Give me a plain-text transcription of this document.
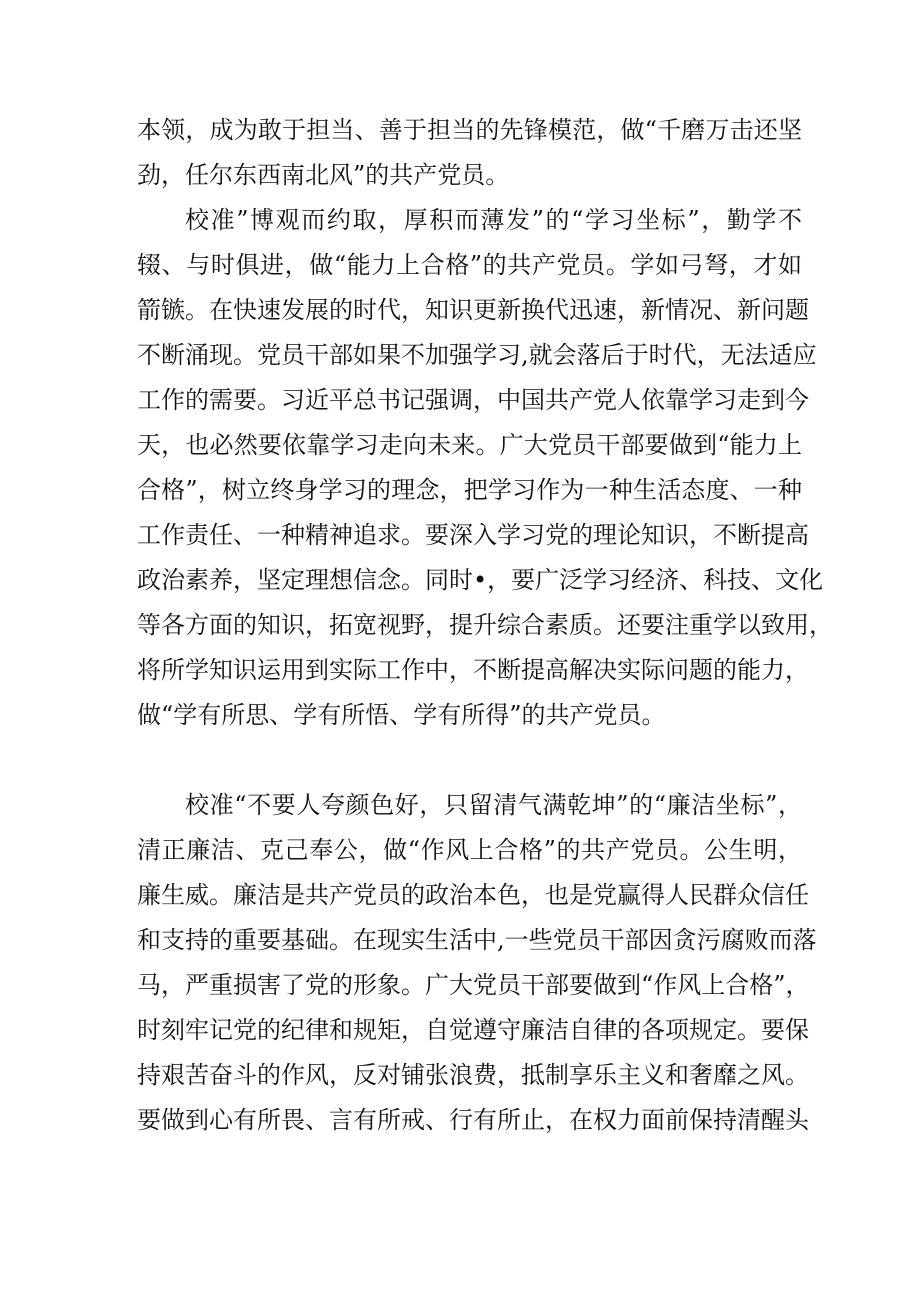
本领，成为敢于担当、善于担当的先锋模范，做“千磨万击还坚
劲，任尔东西南北风”的共产党员。
校准”博观而约取，厚积而薄发”的“学习坐标”，勤学不
辍、与时俱进，做“能力上合格”的共产党员。学如弓弩，才如
箭镞。在快速发展的时代，知识更新换代迅速，新情况、新问题
不断涌现。党员干部如果不加强学习,就会落后于时代，无法适应
工作的需要。习近平总书记强调，中国共产党人依靠学习走到今
天，也必然要依靠学习走向未来。广大党员干部要做到“能力上
合格”，树立终身学习的理念，把学习作为一种生活态度、一种
工作责任、一种精神追求。要深入学习党的理论知识，不断提高
政治素养，坚定理想信念。同时•，要广泛学习经济、科技、文化
等各方面的知识，拓宽视野，提升综合素质。还要注重学以致用，
将所学知识运用到实际工作中，不断提高解决实际问题的能力，
做“学有所思、学有所悟、学有所得”的共产党员。
校准“不要人夸颜色好，只留清气满乾坤”的“廉洁坐标”，
清正廉洁、克己奉公，做“作风上合格”的共产党员。公生明，
廉生威。廉洁是共产党员的政治本色，也是党赢得人民群众信任
和支持的重要基础。在现实生活中,一些党员干部因贪污腐败而落
马，严重损害了党的形象。广大党员干部要做到“作风上合格”，
时刻牢记党的纪律和规矩，自觉遵守廉洁自律的各项规定。要保
持艰苦奋斗的作风，反对铺张浪费，抵制享乐主义和奢靡之风。
要做到心有所畏、言有所戒、行有所止，在权力面前保持清醒头
